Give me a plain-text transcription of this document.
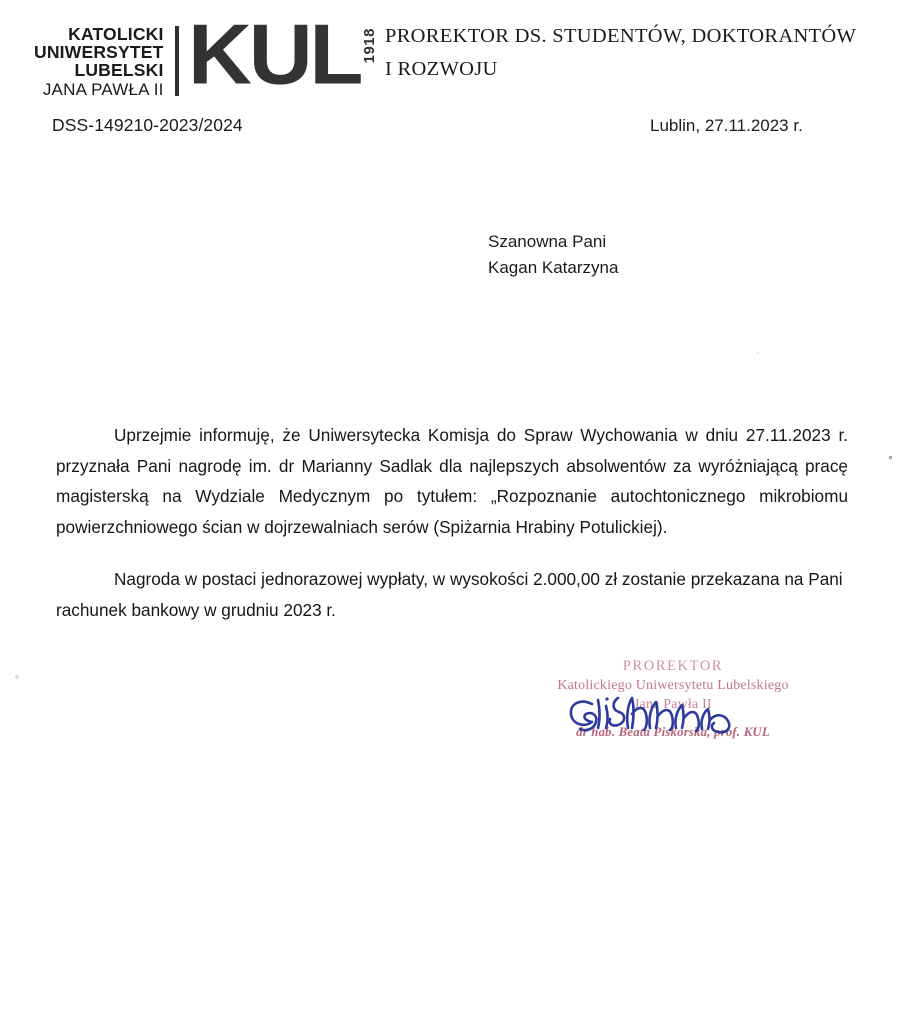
KATOLICKI
UNIWERSYTET
LUBELSKI
JANA PAWŁA II KUL 1918
DSS-149210-2023/2024
PROREKTOR DS. STUDENTÓW, DOKTORANTÓW
I ROZWOJU
Lublin, 27.11.2023 r.
Szanowna Pani
Kagan Katarzyna

Uprzejmie informuję, że Uniwersytecka Komisja do Spraw Wychowania w dniu 27.11.2023 r. przyznała Pani nagrodę im. dr Marianny Sadlak dla najlepszych absolwentów za wyróżniającą pracę magisterską na Wydziale Medycznym po tytułem: „Rozpoznanie autochtonicznego mikrobiomu powierzchniowego ścian w dojrzewalniach serów (Spiżarnia Hrabiny Potulickiej).

Nagroda w postaci jednorazowej wypłaty, w wysokości 2.000,00 zł zostanie przekazana na Pani rachunek bankowy w grudniu 2023 r.

PROREKTOR
Katolickiego Uniwersytetu Lubelskiego
Jana Pawła II
dr hab. Beata Piskorska, prof. KUL
